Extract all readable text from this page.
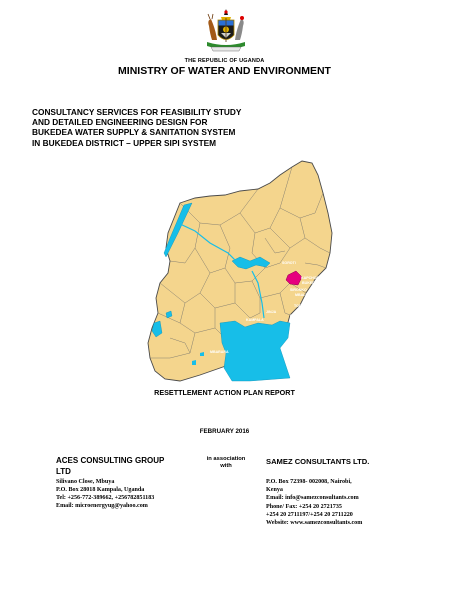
THE REPUBLIC OF UGANDA
MINISTRY OF WATER AND ENVIRONMENT
CONSULTANCY SERVICES FOR FEASIBILITY STUDY
AND DETAILED ENGINEERING DESIGN FOR
BUKEDEA WATER SUPPLY & SANITATION SYSTEM
IN BUKEDEA DISTRICT – UPPER SIPI SYSTEM
SOROTI
KAPCHORWA
BUKEDEA
SIRONKO
MBALE
TORORO
MBARARA
KAMPALA
JINJA
BUSIA
RESETTLEMENT ACTION PLAN REPORT
FEBRUARY 2016
ACES CONSULTING GROUP
LTD
Silivano Close, Mbuya
P.O. Box 28018 Kampala, Uganda
Tel: +256-772-389662, +256782851183
Email: microenergyug@yahoo.com
in association
with	SAMEZ CONSULTANTS LTD.
P.O. Box 72398- 002008, Nairobi,
Kenya
Email: info@samezconsultants.com
Phone/ Fax: +254 20 2721735
+254 20 2711197/+254 20 2711220
Website: www.samezconsultants.com
